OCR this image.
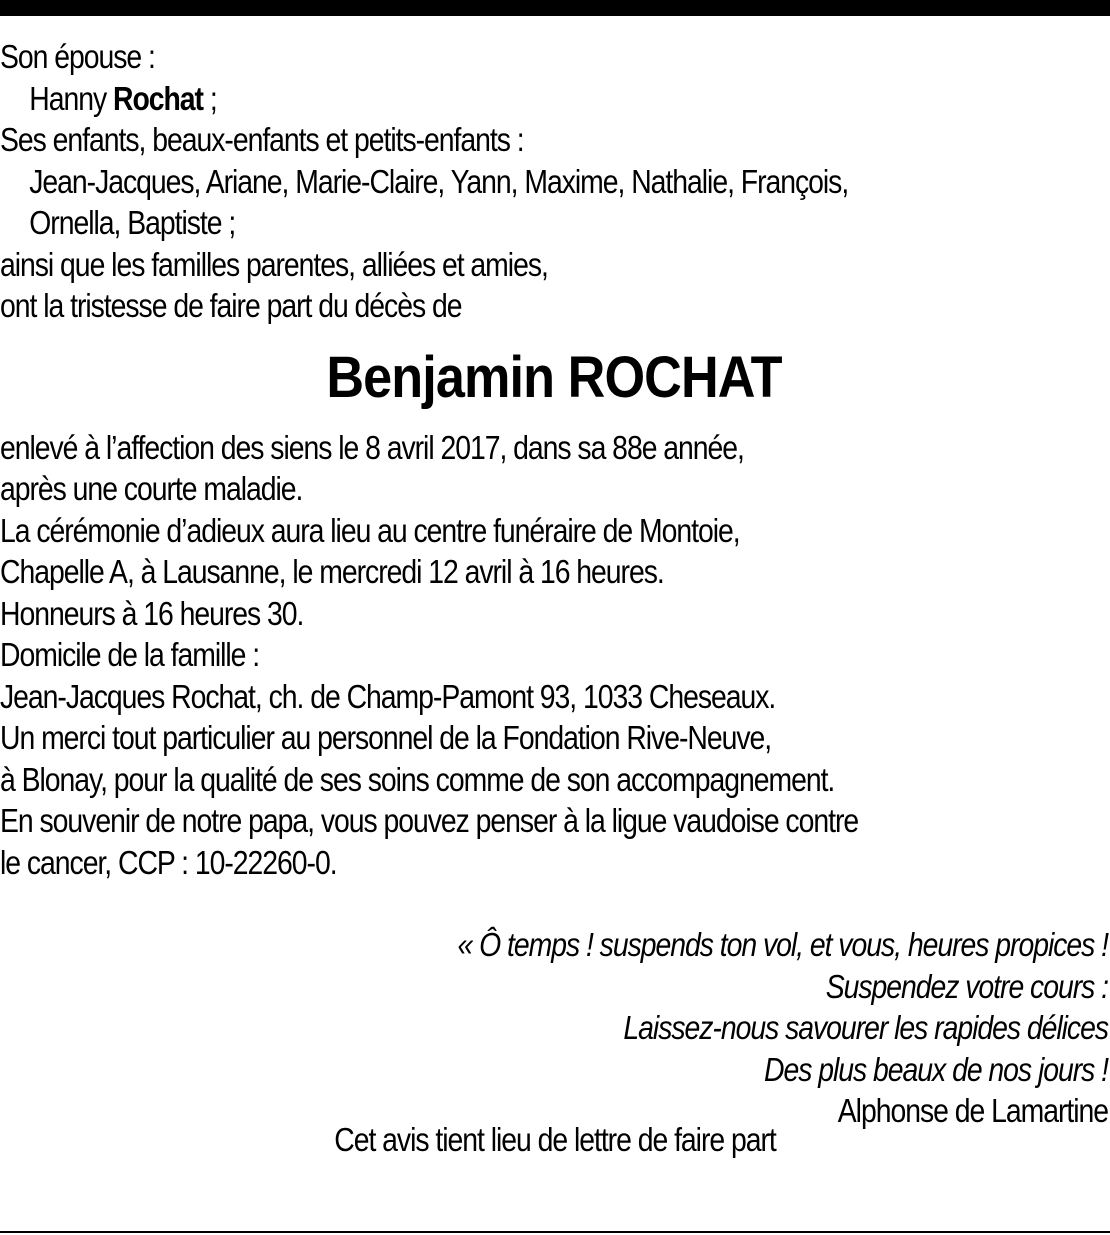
Son épouse :
Hanny Rochat ;
Ses enfants, beaux-enfants et petits-enfants :
Jean-Jacques, Ariane, Marie-Claire, Yann, Maxime, Nathalie, François,
Ornella, Baptiste ;
ainsi que les familles parentes, alliées et amies,
ont la tristesse de faire part du décès de
Benjamin ROCHAT
enlevé à l’affection des siens le 8 avril 2017, dans sa 88e année,
après une courte maladie.
La cérémonie d’adieux aura lieu au centre funéraire de Montoie,
Chapelle A, à Lausanne, le mercredi 12 avril à 16 heures.
Honneurs à 16 heures 30.
Domicile de la famille :
Jean-Jacques Rochat, ch. de Champ-Pamont 93, 1033 Cheseaux.
Un merci tout particulier au personnel de la Fondation Rive-Neuve,
à Blonay, pour la qualité de ses soins comme de son accompagnement.
En souvenir de notre papa, vous pouvez penser à la ligue vaudoise contre
le cancer, CCP : 10-22260-0.
« Ô temps ! suspends ton vol, et vous, heures propices !
Suspendez votre cours :
Laissez-nous savourer les rapides délices
Des plus beaux de nos jours !
Alphonse de Lamartine
Cet avis tient lieu de lettre de faire part
